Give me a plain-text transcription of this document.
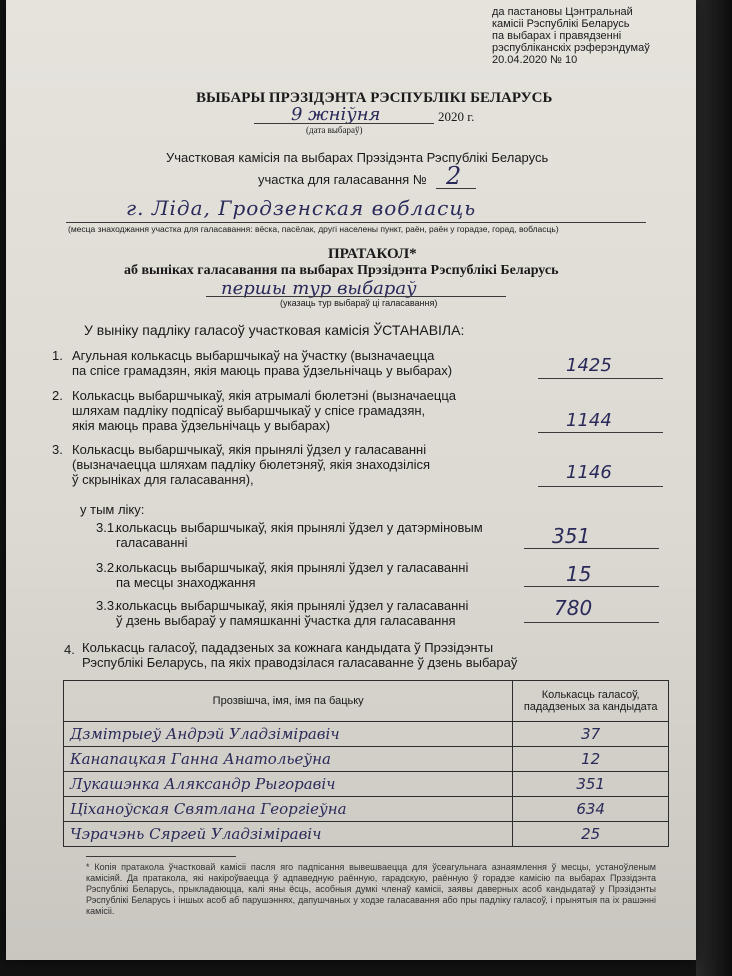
да пастановы Цэнтральнай
камісіі Рэспублікі Беларусь
па выбарах і правядзенні
рэспубліканскіх рэферэндумаў
20.04.2020 № 10
ВЫБАРЫ ПРЭЗІДЭНТА РЭСПУБЛІКІ БЕЛАРУСЬ
9 жніўня	2020 г.
(дата выбараў)
Участковая камісія па выбарах Прэзідэнта Рэспублікі Беларусь
участка для галасавання № 2
г. Ліда, Гродзенская вобласць
(месца знаходжання участка для галасавання: вёска, пасёлак, другі населены пункт, раён, раён у горадзе, горад, вобласць)
ПРАТАКОЛ*
аб выніках галасавання па выбарах Прэзідэнта Рэспублікі Беларусь
першы тур выбараў
(указаць тур выбараў ці галасавання)
У выніку падліку галасоў участковая камісія ЎСТАНАВІЛА:
1. Агульная колькасць выбаршчыкаў на ўчастку (вызначаецца
па спісе грамадзян, якія маюць права ўдзельнічаць у выбарах)	1425
2. Колькасць выбаршчыкаў, якія атрымалі бюлетэні (вызначаецца
шляхам падліку подпісаў выбаршчыкаў у спісе грамадзян,
якія маюць права ўдзельнічаць у выбарах)	1144
3. Колькасць выбаршчыкаў, якія прынялі ўдзел у галасаванні
(вызначаецца шляхам падліку бюлетэняў, якія знаходзіліся
ў скрыніках для галасавання),	1146
у тым ліку:
3.1.
колькасць выбаршчыкаў, якія прынялі ўдзел у датэрміновым
галасаванні	351
3.2.
колькасць выбаршчыкаў, якія прынялі ўдзел у галасаванні
па месцы знаходжання	15
3.3.
колькасць выбаршчыкаў, якія прынялі ўдзел у галасаванні
ў дзень выбараў у памяшканні ўчастка для галасавання
780
4. Колькасць галасоў, пададзеных за кожнага кандыдата ў Прэзідэнты
Рэспублікі Беларусь, па якіх праводзілася галасаванне ў дзень выбараў
Прозвішча, імя, імя па бацьку	Колькасць галасоў,
пададзеных за кандыдата

Дзмітрыеў Андрэй Уладзіміравіч	37
Канапацкая Ганна Анатольеўна	12
Лукашэнка Аляксандр Рыгоравіч	351
Ціханоўская Святлана Георгіеўна	634
Чэрачэнь Сяргей Уладзіміравіч	25
* Копія пратакола ўчастковай камісіі пасля яго падпісання вывешваецца для ўсеагульнага азнаямлення ў месцы, устаноўленым камісіяй. Да пратакола, які накіроўваецца ў адпаведную раённую, гарадскую, раённую ў горадзе камісію па выбарах Прэзідэнта Рэспублікі Беларусь, прыкладаюцца, калі яны ёсць, асобныя думкі членаў камісіі, заявы даверных асоб кандыдатаў у Прэзідэнты Рэспублікі Беларусь і іншых асоб аб парушэннях, дапушчаных у ходзе галасавання або пры падліку галасоў, і прынятыя па іх рашэнні камісіі.
